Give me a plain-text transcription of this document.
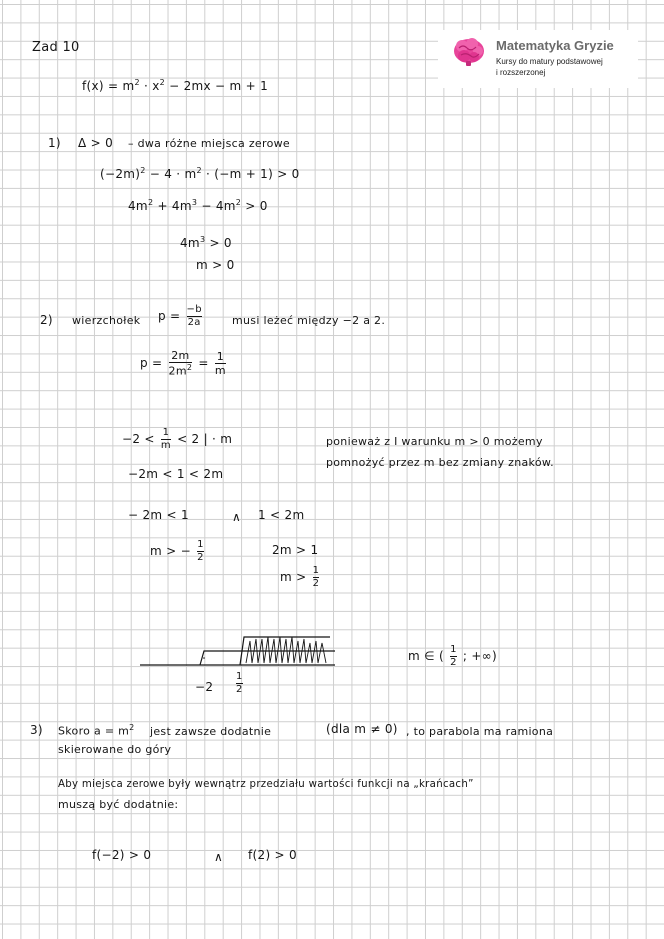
Matematyka Gryzie
Kursy do matury podstawowej
i rozszerzonej
Zad 10
$f(x) = m^2 \cdot x^2 - 2mx - m + 1$
1) Δ > 0 – dwa różne miejsca zerowe
$(-2m)^2 - 4 \cdot m^2 \cdot (-m + 1) > 0$
$4m^2 + 4m^3 - 4m^2 > 0$
$4m^3 > 0$
m > 0
2) wierzchołek $p = \frac{-b}{2a}$	musi leżeć między −2 a 2.
$p = \frac{2m}{2m^2} = \frac{1}{m}$
$-2 < \frac{1}{m} < 2$ | · m
−2m < 1 < 2m
ponieważ z I warunku m > 0 możemy
pomnożyć przez m bez zmiany znaków.
− 2m < 1	∧ 1 < 2m
m > − $\frac{1}{2}$	2m > 1
$m > \frac{1}{2}$
$-2 \frac{1}{2}$
m ∈ ( $\frac{1}{2}$ ; +∞)
3) Skoro $a = m^2$ jest zawsze dodatnie	(dla m ≠ 0) , to parabola ma ramiona
skierowane do góry
Aby miejsca zerowe były wewnątrz przedziału wartości funkcji na „krańcach”
muszą być dodatnie:
f(−2) > 0	∧ f(2) > 0
